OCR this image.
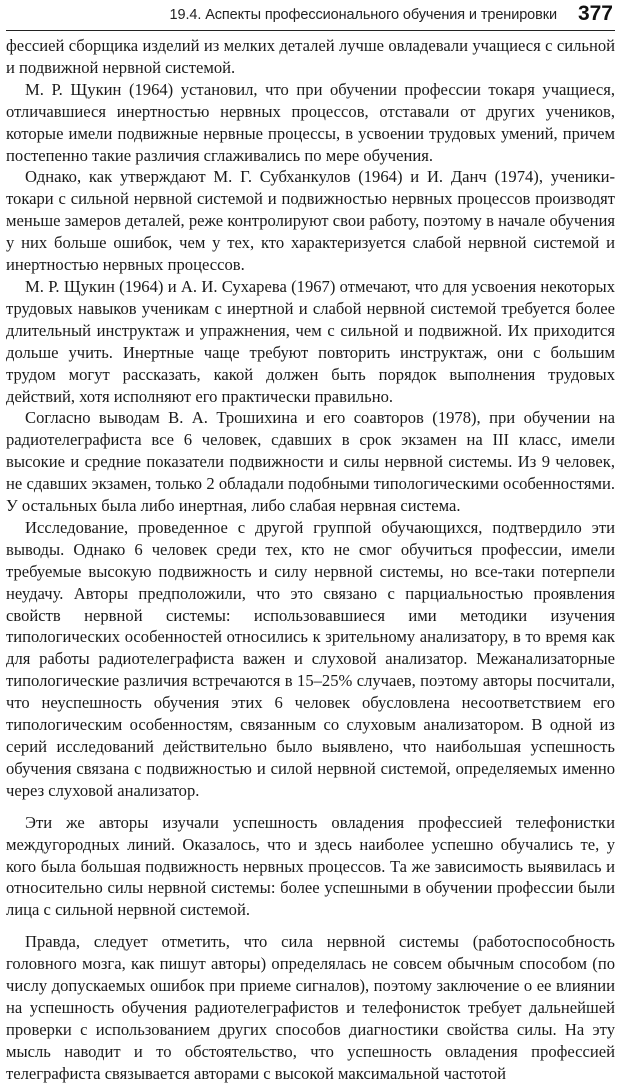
19.4. Аспекты профессионального обучения и тренировки 377

фессией сборщика изделий из мелких деталей лучше овладевали учащиеся с сильной и подвижной нервной системой.

М. Р. Щукин (1964) установил, что при обучении профессии токаря учащиеся, отличавшиеся инертностью нервных процессов, отставали от других учеников, которые имели подвижные нервные процессы, в усвоении трудовых умений, причем постепенно такие различия сглаживались по мере обучения.

Однако, как утверждают М. Г. Субханкулов (1964) и И. Данч (1974), ученики-токари с сильной нервной системой и подвижностью нервных процессов производят меньше замеров деталей, реже контролируют свои работу, поэтому в начале обучения у них больше ошибок, чем у тех, кто характеризуется слабой нервной системой и инертностью нервных процессов.

М. Р. Щукин (1964) и А. И. Сухарева (1967) отмечают, что для усвоения некоторых трудовых навыков ученикам с инертной и слабой нервной системой требуется более длительный инструктаж и упражнения, чем с сильной и подвижной. Их приходится дольше учить. Инертные чаще требуют повторить инструктаж, они с большим трудом могут рассказать, какой должен быть порядок выполнения трудовых действий, хотя исполняют его практически правильно.

Согласно выводам В. А. Трошихина и его соавторов (1978), при обучении на радиотелеграфиста все 6 человек, сдавших в срок экзамен на III класс, имели высокие и средние показатели подвижности и силы нервной системы. Из 9 человек, не сдавших экзамен, только 2 обладали подобными типологическими особенностями. У остальных была либо инертная, либо слабая нервная система.

Исследование, проведенное с другой группой обучающихся, подтвердило эти выводы. Однако 6 человек среди тех, кто не смог обучиться профессии, имели требуемые высокую подвижность и силу нервной системы, но все-таки потерпели неудачу. Авторы предположили, что это связано с парциальностью проявления свойств нервной системы: использовавшиеся ими методики изучения типологических особенностей относились к зрительному анализатору, в то время как для работы радиотелеграфиста важен и слуховой анализатор. Межанализаторные типологические различия встречаются в 15–25% случаев, поэтому авторы посчитали, что неуспешность обучения этих 6 человек обусловлена несоответствием его типологическим особенностям, связанным со слуховым анализатором. В одной из серий исследований действительно было выявлено, что наибольшая успешность обучения связана с подвижностью и силой нервной системой, определяемых именно через слуховой анализатор.

Эти же авторы изучали успешность овладения профессией телефонистки междугородных линий. Оказалось, что и здесь наиболее успешно обучались те, у кого была большая подвижность нервных процессов. Та же зависимость выявилась и относительно силы нервной системы: более успешными в обучении профессии были лица с сильной нервной системой.

Правда, следует отметить, что сила нервной системы (работоспособность головного мозга, как пишут авторы) определялась не совсем обычным способом (по числу допускаемых ошибок при приеме сигналов), поэтому заключение о ее влиянии на успешность обучения радиотелеграфистов и телефонисток требует дальнейшей проверки с использованием других способов диагностики свойства силы. На эту мысль наводит и то обстоятельство, что успешность овладения профессией телеграфиста связывается авторами с высокой максимальной частотой
